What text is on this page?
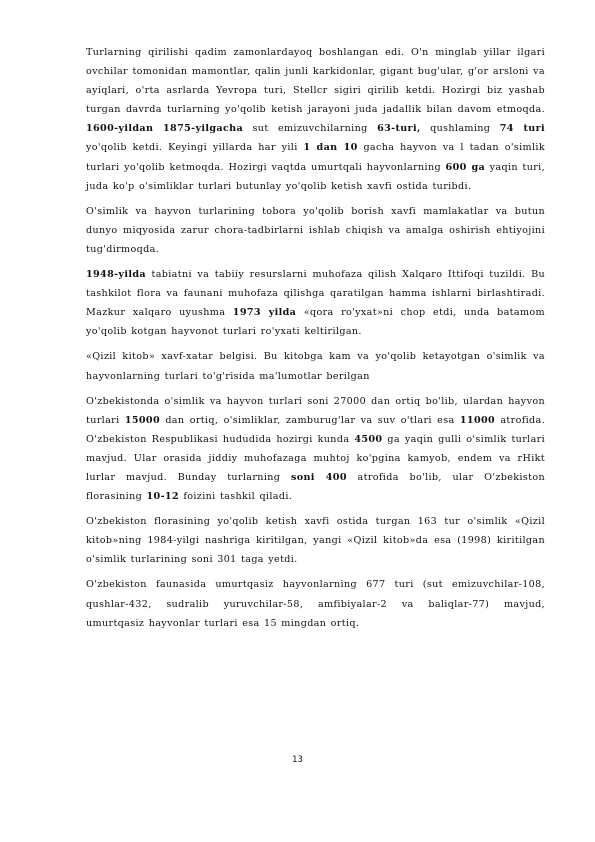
Turlarning qirilishi qadim zamonlardayoq boshlangan edi. O'n minglab yillar ilgari ovchilar tomonidan mamontlar, qalin junli karkidonlar, gigant bug'ular, g'or arsloni va ayiqlari, o'rta asrlarda Yevropa turi, Stellcr sigiri qirilib ketdi. Hozirgi biz yashab turgan davrda turlarning yo'qolib ketish jarayoni juda jadallik bilan davom etmoqda. 1600-yildan 1875-yilgacha sut emizuvchilarning 63-turi, qushlaming 74 turi yo'qolib ketdi. Keyingi yillarda har yili 1 dan 10 gacha hayvon va l tadan o'simlik turlari yo'qolib ketmoqda. Hozirgi vaqtda umurtqali hayvonlarning 600 ga yaqin turi, juda ko'p o'simliklar turlari butunlay yo'qolib ketish xavfi ostida turibdi.

O'simlik va hayvon turlarining tobora yo'qolib borish xavfi mamlakatlar va butun dunyo miqyosida zarur chora-tadbirlarni ishlab chiqish va amalga oshirish ehtiyojini tug'dirmoqda.

1948-yilda tabiatni va tabiiy resurslarni muhofaza qilish Xalqaro Ittifoqi tuzildi. Bu tashkilot flora va faunani muhofaza qilishga qaratilgan hamma ishlarni birlashtiradi. Mazkur xalqaro uyushma 1973 yilda «qora ro'yxat»ni chop etdi, unda batamom yo'qolib kotgan hayvonot turlari ro'yxati keltirilgan.

«Qizil kitob» xavf-xatar belgisi. Bu kitobga kam va yo'qolib ketayotgan o'simlik va hayvonlarning turlari to'g'risida ma'lumotlar berilgan

O'zbekistonda o'simlik va hayvon turlari soni 27000 dan ortiq bo'lib, ulardan hayvon turlari 15000 dan ortiq, o'simliklar, zamburug'lar va suv o'tlari esa 11000 atrofida. O'zbekiston Respublikasi hududida hozirgi kunda 4500 ga yaqin gulli o'simlik turlari mavjud. Ular orasida jiddiy muhofazaga muhtoj ko'pgina kamyob, endem va rHikt lurlar mavjud. Bunday turlarning soni 400 atrofida bo'lib, ular O'zbekiston florasining 10-12 foizini tashkil qiladi.

O'zbekiston florasining yo'qolib ketish xavfi ostida turgan 163 tur o'simlik «Qizil kitob»ning 1984-yilgi nashriga kiritilgan, yangi «Qizil kitob»da esa (1998) kiritilgan o'simlik turlarining soni 301 taga yetdi.

O'zbekiston faunasida umurtqasiz hayvonlarning 677 turi (sut emizuvchilar-108, qushlar-432, sudralib yuruvchilar-58, amfibiyalar-2 va baliqlar-77) mavjud, umurtqasiz hayvonlar turlari esa 15 mingdan ortiq.

13
